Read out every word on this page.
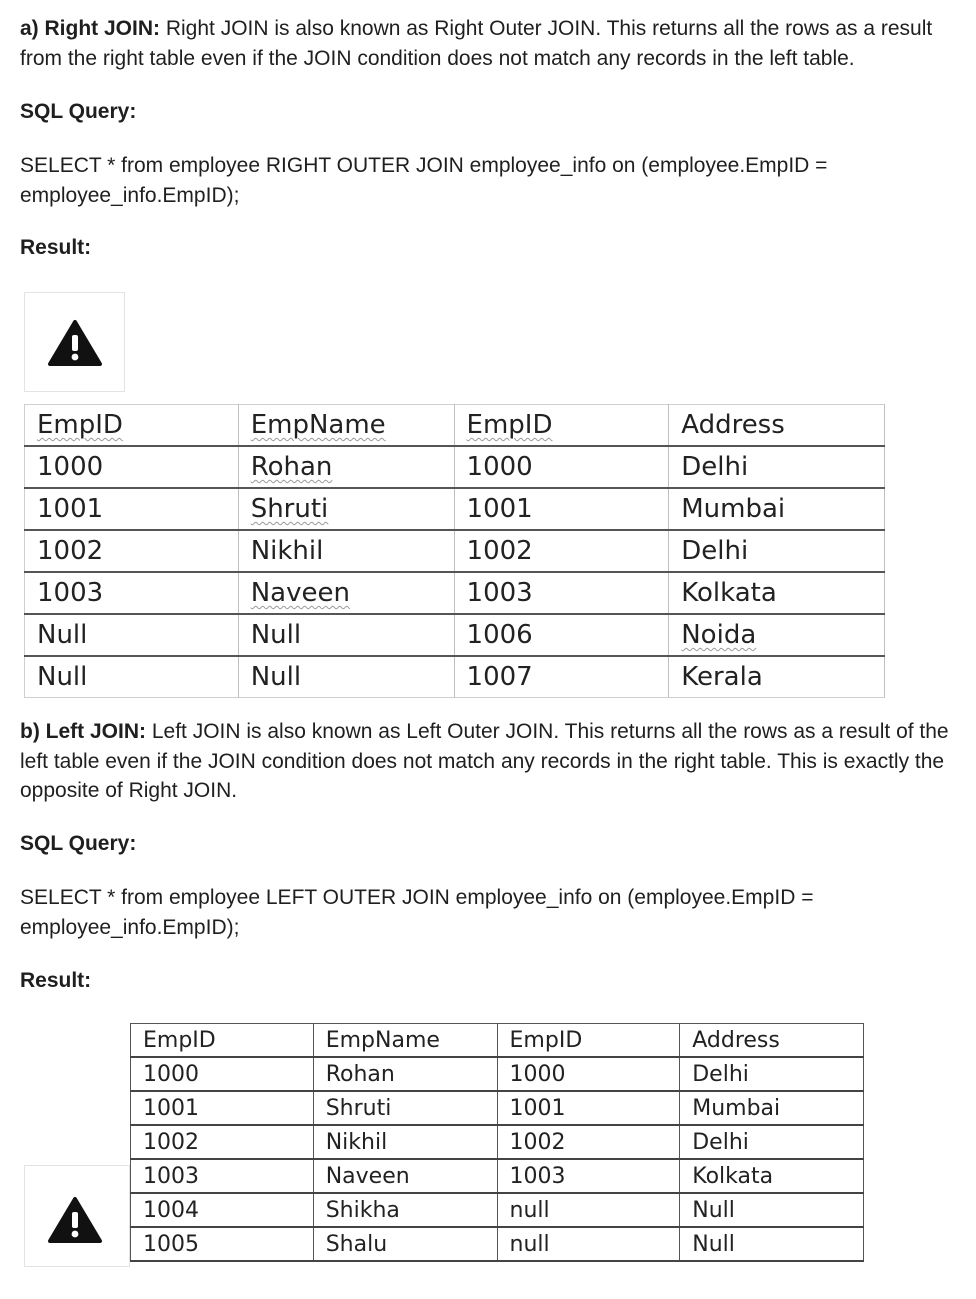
a) Right JOIN: Right JOIN is also known as Right Outer JOIN. This returns all the rows as a result from the right table even if the JOIN condition does not match any records in the left table.

SQL Query:

SELECT * from employee RIGHT OUTER JOIN employee_info on (employee.EmpID = employee_info.EmpID);

Result:

EmpID	EmpName	EmpID	Address
1000	Rohan	1000	Delhi
1001	Shruti	1001	Mumbai
1002	Nikhil	1002	Delhi
1003	Naveen	1003	Kolkata
Null	Null	1006	Noida
Null	Null	1007	Kerala

b) Left JOIN: Left JOIN is also known as Left Outer JOIN. This returns all the rows as a result of the left table even if the JOIN condition does not match any records in the right table. This is exactly the opposite of Right JOIN.

SQL Query:

SELECT * from employee LEFT OUTER JOIN employee_info on (employee.EmpID = employee_info.EmpID);

Result:

EmpID	EmpName	EmpID	Address
1000	Rohan	1000	Delhi
1001	Shruti	1001	Mumbai
1002	Nikhil	1002	Delhi
1003	Naveen	1003	Kolkata
1004	Shikha	null	Null
1005	Shalu	null	Null
